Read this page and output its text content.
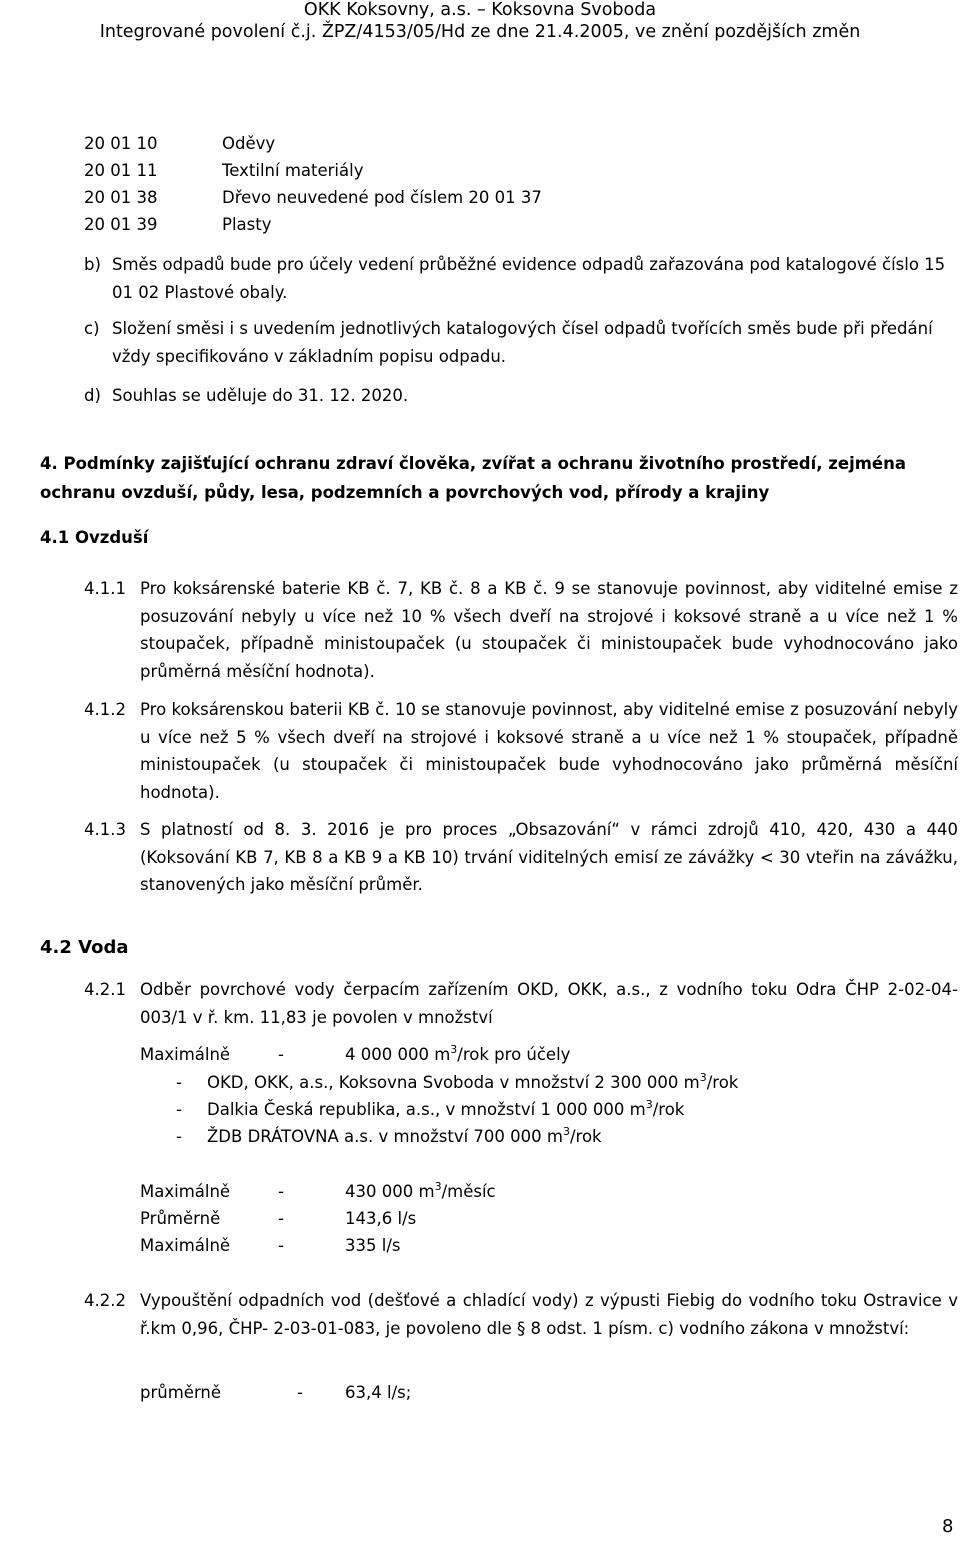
OKK Koksovny, a.s. – Koksovna Svoboda
Integrované povolení č.j. ŽPZ/4153/05/Hd ze dne 21.4.2005, ve znění pozdějších změn
20 01 10	Oděvy
20 01 11	Textilní materiály
20 01 38	Dřevo neuvedené pod číslem 20 01 37
20 01 39	Plasty
b) Směs odpadů bude pro účely vedení průběžné evidence odpadů zařazována pod katalogové číslo 15 01 02 Plastové obaly.
c) Složení směsi i s uvedením jednotlivých katalogových čísel odpadů tvořících směs bude při předání vždy specifikováno v základním popisu odpadu.
d) Souhlas se uděluje do 31. 12. 2020.
4. Podmínky zajišťující ochranu zdraví člověka, zvířat a ochranu životního prostředí, zejména ochranu ovzduší, půdy, lesa, podzemních a povrchových vod, přírody a krajiny
4.1 Ovzduší
4.1.1 Pro koksárenské baterie KB č. 7, KB č. 8 a KB č. 9 se stanovuje povinnost, aby viditelné emise z posuzování nebyly u více než 10 % všech dveří na strojové i koksové straně a u více než 1 % stoupaček, případně ministoupaček (u stoupaček či ministoupaček bude vyhodnocováno jako průměrná měsíční hodnota).
4.1.2 Pro koksárenskou baterii KB č. 10 se stanovuje povinnost, aby viditelné emise z posuzování nebyly u více než 5 % všech dveří na strojové i koksové straně a u více než 1 % stoupaček, případně ministoupaček (u stoupaček či ministoupaček bude vyhodnocováno jako průměrná měsíční hodnota).
4.1.3 S platností od 8. 3. 2016 je pro proces „Obsazování“ v rámci zdrojů 410, 420, 430 a 440 (Koksování KB 7, KB 8 a KB 9 a KB 10) trvání viditelných emisí ze závážky < 30 vteřin na závážku, stanovených jako měsíční průměr.
4.2 Voda
4.2.1 Odběr povrchové vody čerpacím zařízením OKD, OKK, a.s., z vodního toku Odra ČHP 2-02-04-003/1 v ř. km. 11,83 je povolen v množství
Maximálně	-	4 000 000 $m^3$/rok pro účely
- OKD, OKK, a.s., Koksovna Svoboda v množství 2 300 000 $m^3$/rok
- Dalkia Česká republika, a.s., v množství 1 000 000 $m^3$/rok
- ŽDB DRÁTOVNA a.s. v množství 700 000 $m^3$/rok
Maximálně	-	430 000 $m^3$/měsíc
Průměrně	-	143,6 l/s
Maximálně	-	335 l/s
4.2.2 Vypouštění odpadních vod (dešťové a chladící vody) z výpusti Fiebig do vodního toku Ostravice v ř.km 0,96, ČHP- 2-03-01-083, je povoleno dle § 8 odst. 1 písm. c) vodního zákona v množství:
průměrně	-	63,4 l/s;
8
